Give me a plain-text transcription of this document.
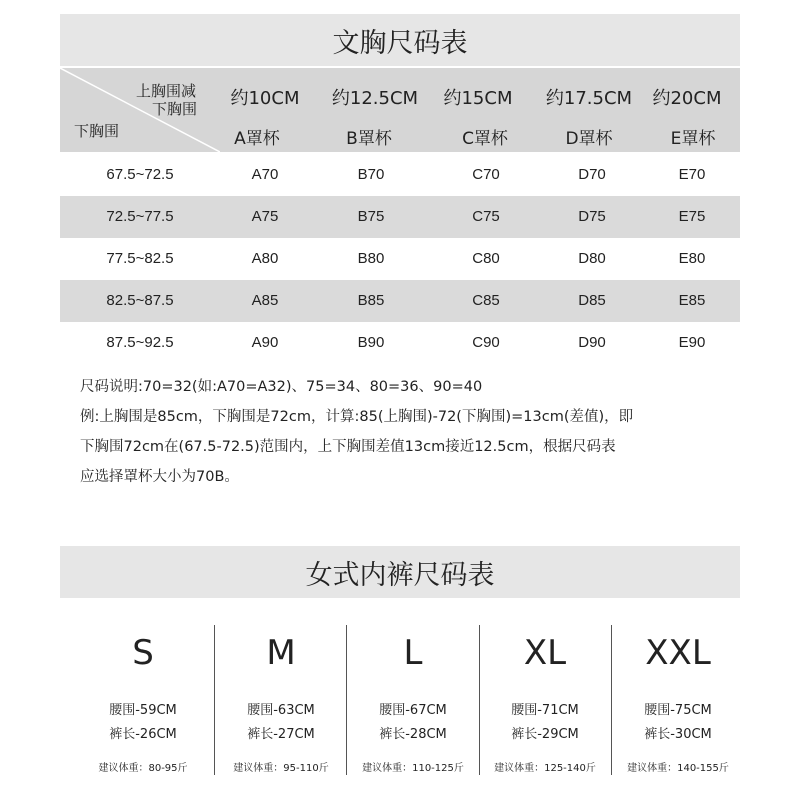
文胸尺码表
上胸围减
下胸围
下胸围
约10CM	约12.5CM	约15CM	约17.5CM	约20CM
A罩杯	B罩杯	C罩杯	D罩杯	E罩杯
67.5~72.5	A70	B70	C70	D70	E70
72.5~77.5	A75	B75	C75	D75	E75
77.5~82.5	A80	B80	C80	D80	E80
82.5~87.5	A85	B85	C85	D85	E85
87.5~92.5	A90	B90	C90	D90	E90
尺码说明:70=32(如:A70=A32)、75=34、80=36、90=40
例:上胸围是85cm，下胸围是72cm，计算:85(上胸围)-72(下胸围)=13cm(差值)，即
下胸围72cm在(67.5-72.5)范围内，上下胸围差值13cm接近12.5cm，根据尺码表
应选择罩杯大小为70B。
女式内裤尺码表
S
腰围-59CM
裤长-26CM
建议体重：80-95斤
M
腰围-63CM
裤长-27CM
建议体重：95-110斤
L
腰围-67CM
裤长-28CM
建议体重：110-125斤
XL
腰围-71CM
裤长-29CM
建议体重：125-140斤
XXL
腰围-75CM
裤长-30CM
建议体重：140-155斤
